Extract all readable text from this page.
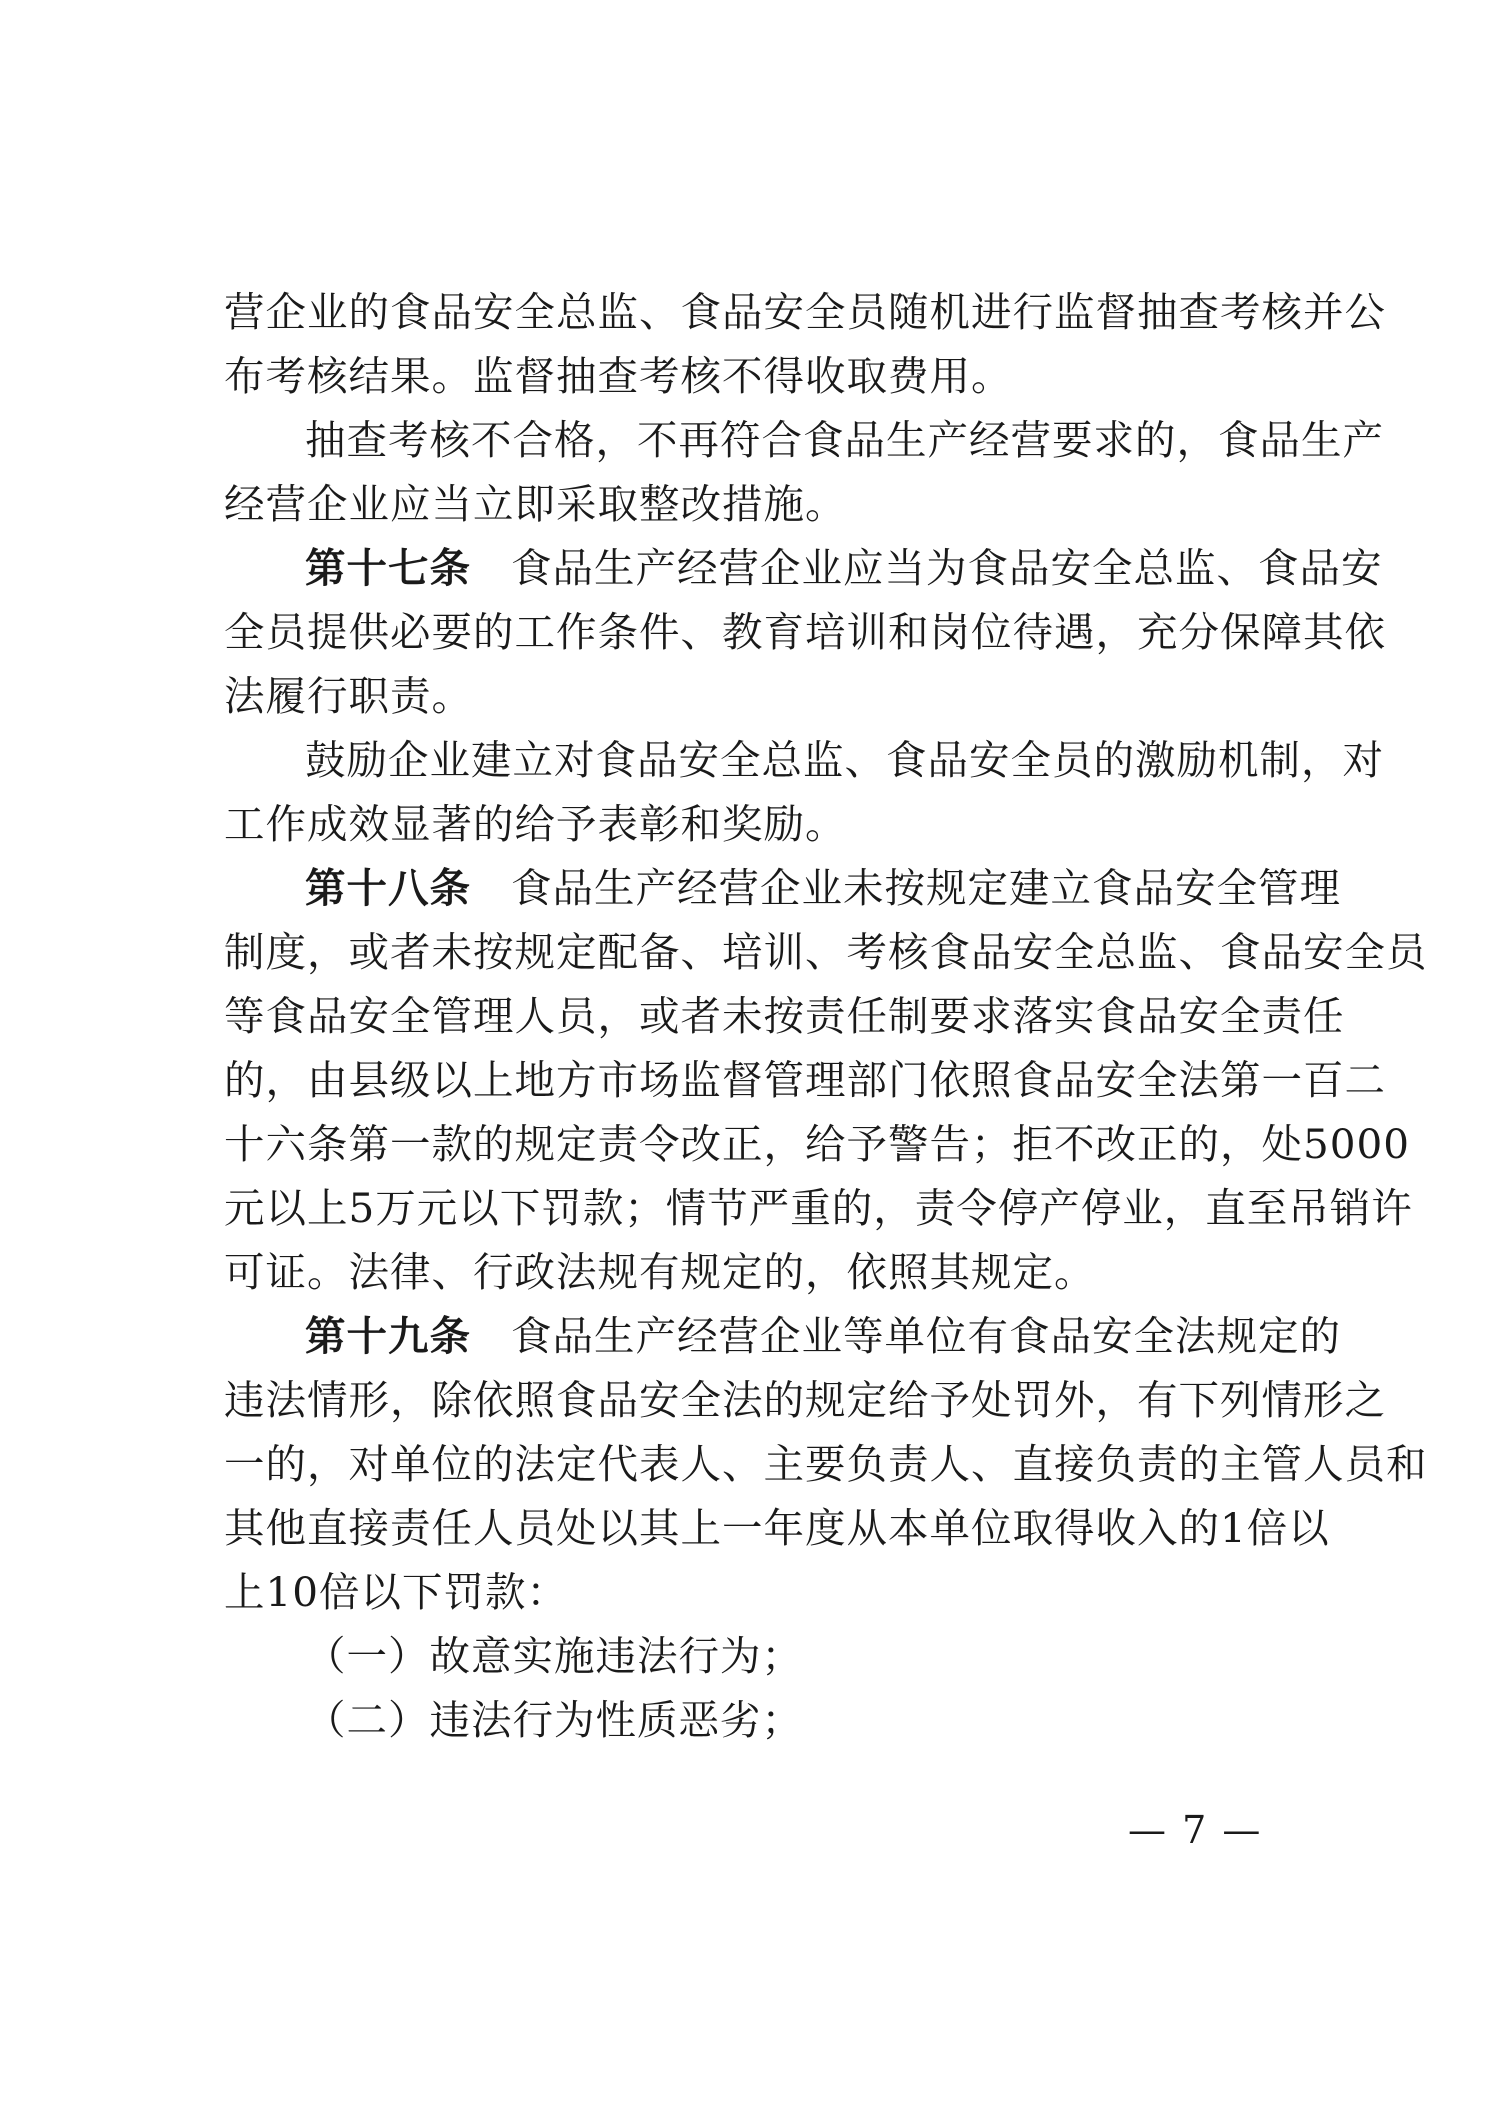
营企业的食品安全总监、食品安全员随机进行监督抽查考核并公
布考核结果。监督抽查考核不得收取费用。
抽查考核不合格，不再符合食品生产经营要求的，食品生产
经营企业应当立即采取整改措施。
第十七条 食品生产经营企业应当为食品安全总监、食品安
全员提供必要的工作条件、教育培训和岗位待遇，充分保障其依
法履行职责。
鼓励企业建立对食品安全总监、食品安全员的激励机制，对
工作成效显著的给予表彰和奖励。
第十八条 食品生产经营企业未按规定建立食品安全管理
制度，或者未按规定配备、培训、考核食品安全总监、食品安全员
等食品安全管理人员，或者未按责任制要求落实食品安全责任
的，由县级以上地方市场监督管理部门依照食品安全法第一百二
十六条第一款的规定责令改正，给予警告；拒不改正的，处5000
元以上5万元以下罚款；情节严重的，责令停产停业，直至吊销许
可证。法律、行政法规有规定的，依照其规定。
第十九条 食品生产经营企业等单位有食品安全法规定的
违法情形，除依照食品安全法的规定给予处罚外，有下列情形之
一的，对单位的法定代表人、主要负责人、直接负责的主管人员和
其他直接责任人员处以其上一年度从本单位取得收入的1倍以
上10倍以下罚款：
（一）故意实施违法行为；
（二）违法行为性质恶劣；
— 7 —
